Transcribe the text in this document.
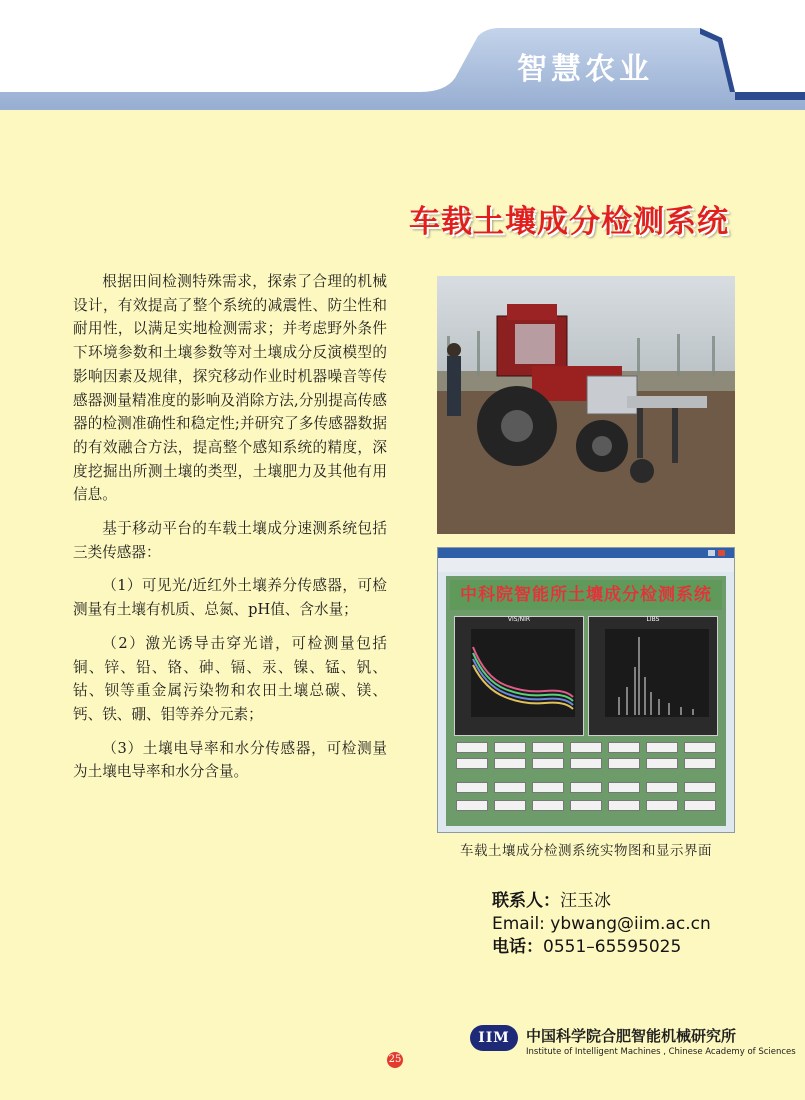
智慧农业
车载土壤成分检测系统

根据田间检测特殊需求，探索了合理的机械设计，有效提高了整个系统的减震性、防尘性和耐用性，以满足实地检测需求；并考虑野外条件下环境参数和土壤参数等对土壤成分反演模型的影响因素及规律，探究移动作业时机器噪音等传感器测量精准度的影响及消除方法,分别提高传感器的检测准确性和稳定性;并研究了多传感器数据的有效融合方法，提高整个感知系统的精度，深度挖掘出所测土壤的类型，土壤肥力及其他有用信息。

基于移动平台的车载土壤成分速测系统包括三类传感器：

（1）可见光/近红外土壤养分传感器，可检测量有土壤有机质、总氮、pH值、含水量；

（2）激光诱导击穿光谱，可检测量包括铜、锌、铅、铬、砷、镉、汞、镍、锰、钒、钴、钡等重金属污染物和农田土壤总碳、镁、钙、铁、硼、钼等养分元素；

（3）土壤电导率和水分传感器，可检测量为土壤电导率和水分含量。

中科院智能所土壤成分检测系统
VIS/NIR	LIBS
车载土壤成分检测系统实物图和显示界面
联系人：汪玉冰
Email: ybwang@iim.ac.cn
电话：0551–65595025
IIM	中国科学院合肥智能机械研究所
Institute of Intelligent Machines , Chinese Academy of Sciences
25
